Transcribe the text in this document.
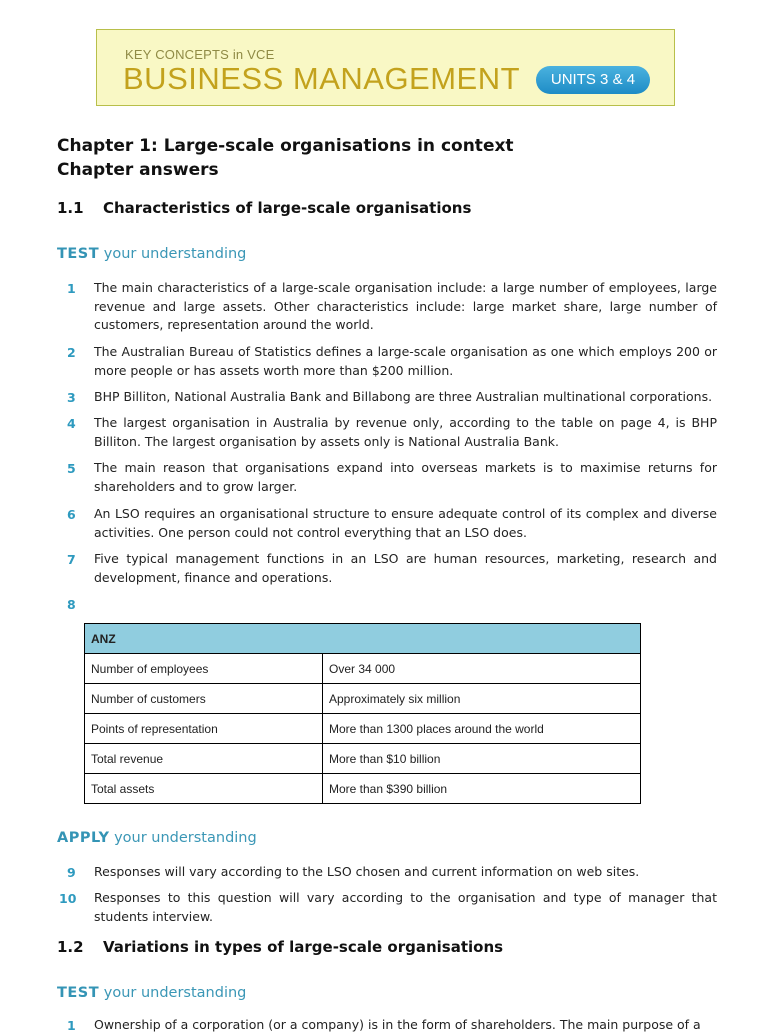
KEY CONCEPTS in VCE
BUSINESS MANAGEMENT	UNITS 3 & 4
Chapter 1: Large-scale organisations in context
Chapter answers
1.1 Characteristics of large-scale organisations
TEST your understanding
1	The main characteristics of a large-scale organisation include: a large number of employees, large revenue and large assets. Other characteristics include: large market share, large number of customers, representation around the world.
2	The Australian Bureau of Statistics defines a large-scale organisation as one which employs 200 or more people or has assets worth more than $200 million.
3	BHP Billiton, National Australia Bank and Billabong are three Australian multinational corporations.
4	The largest organisation in Australia by revenue only, according to the table on page 4, is BHP Billiton. The largest organisation by assets only is National Australia Bank.
5	The main reason that organisations expand into overseas markets is to maximise returns for shareholders and to grow larger.
6	An LSO requires an organisational structure to ensure adequate control of its complex and diverse activities. One person could not control everything that an LSO does.
7	Five typical management functions in an LSO are human resources, marketing, research and development, finance and operations.
8
ANZ	
Number of employees	Over 34 000
Number of customers	Approximately six million
Points of representation	More than 1300 places around the world
Total revenue	More than $10 billion
Total assets	More than $390 billion
APPLY your understanding
9	Responses will vary according to the LSO chosen and current information on web sites.
10 Responses to this question will vary according to the organisation and type of manager that students interview.
1.2 Variations in types of large-scale organisations
TEST your understanding
1	Ownership of a corporation (or a company) is in the form of shareholders. The main purpose of a
